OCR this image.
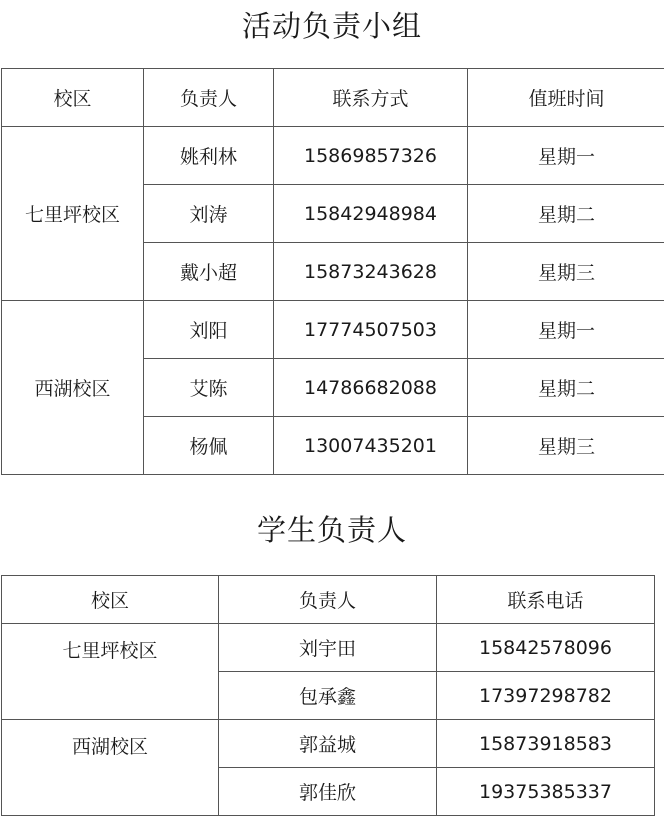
活动负责小组
校区	负责人	联系方式	值班时间
七里坪校区	姚利林	15869857326	星期一
	刘涛	15842948984	星期二
	戴小超	15873243628	星期三
西湖校区	刘阳	17774507503	星期一
	艾陈	14786682088	星期二
	杨佩	13007435201	星期三
学生负责人
校区	负责人	联系电话
七里坪校区	刘宇田	15842578096
	包承鑫	17397298782
西湖校区	郭益城	15873918583
	郭佳欣	19375385337
